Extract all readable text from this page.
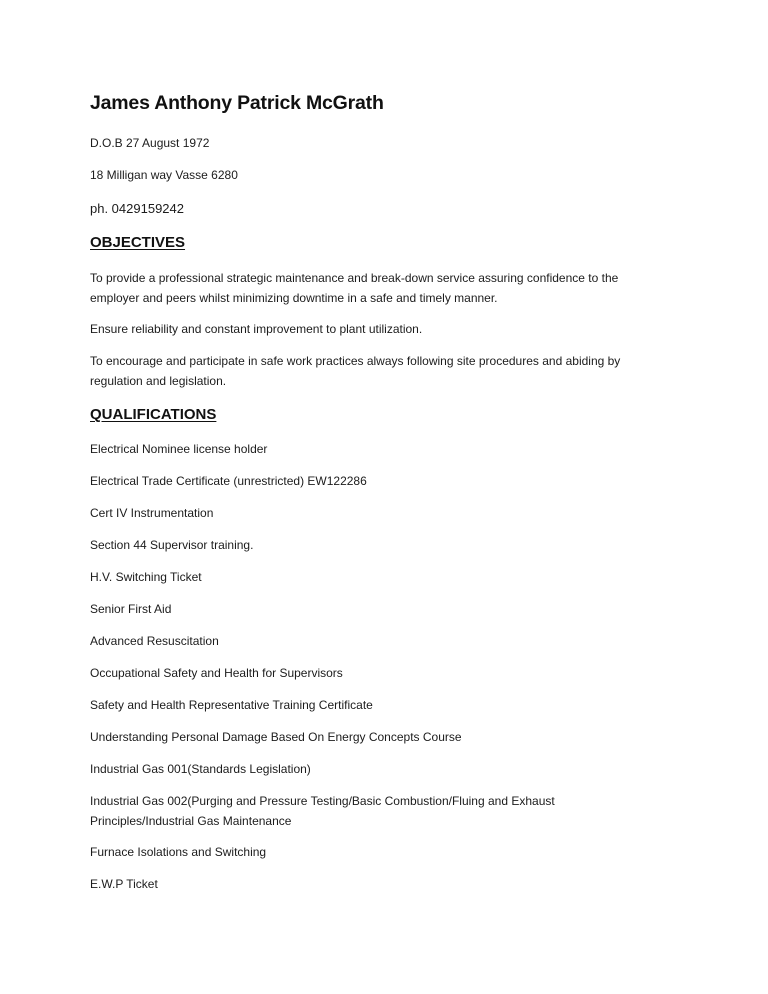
James Anthony Patrick McGrath
D.O.B 27 August 1972
18 Milligan way Vasse 6280
ph. 0429159242
OBJECTIVES
To provide a professional strategic maintenance and break-down service assuring confidence to the employer and peers whilst minimizing downtime in a safe and timely manner.
Ensure reliability and constant improvement to plant utilization.
To encourage and participate in safe work practices always following site procedures and abiding by regulation and legislation.
QUALIFICATIONS
Electrical Nominee license holder
Electrical Trade Certificate (unrestricted) EW122286
Cert IV Instrumentation
Section 44 Supervisor training.
H.V. Switching Ticket
Senior First Aid
Advanced Resuscitation
Occupational Safety and Health for Supervisors
Safety and Health Representative Training Certificate
Understanding Personal Damage Based On Energy Concepts Course
Industrial Gas 001(Standards Legislation)
Industrial Gas 002(Purging and Pressure Testing/Basic Combustion/Fluing and Exhaust Principles/Industrial Gas Maintenance
Furnace Isolations and Switching
E.W.P Ticket
